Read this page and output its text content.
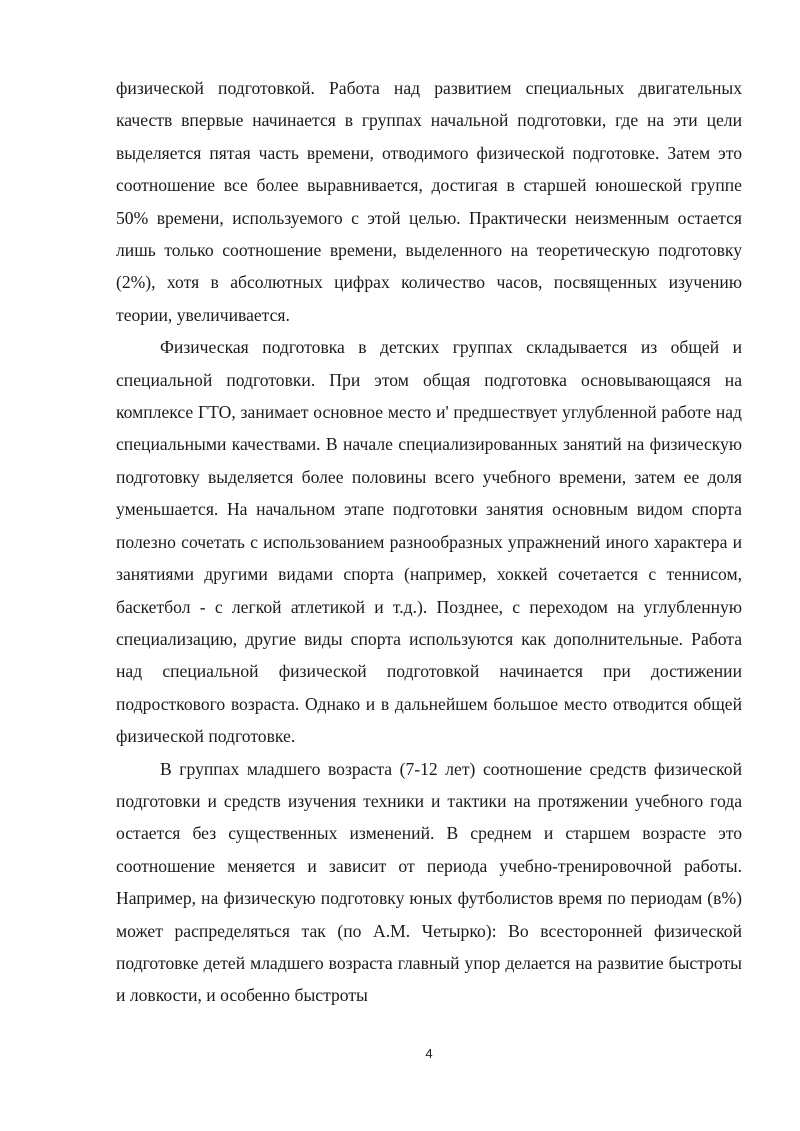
физической подготовкой. Работа над развитием специальных двигательных качеств впервые начинается в группах начальной подготовки, где на эти цели выделяется пятая часть времени, отводимого физической подготовке. Затем это соотношение все более выравнивается, достигая в старшей юношеской группе 50% времени, используемого с этой целью. Практически неизменным остается лишь только соотношение времени, выделенного на теоретическую подготовку (2%), хотя в абсолютных цифрах количество часов, посвященных изучению теории, увеличивается.

Физическая подготовка в детских группах складывается из общей и специальной подготовки. При этом общая подготовка основывающаяся на комплексе ГТО, занимает основное место и' предшествует углубленной работе над специальными качествами. В начале специализированных занятий на физическую подготовку выделяется более половины всего учебного времени, затем ее доля уменьшается. На начальном этапе подготовки занятия основным видом спорта полезно сочетать с использованием разнообразных упражнений иного характера и занятиями другими видами спорта (например, хоккей сочетается с теннисом, баскетбол - с легкой атлетикой и т.д.). Позднее, с переходом на углубленную специализацию, другие виды спорта используются как дополнительные. Работа над специальной физической подготовкой начинается при достижении подросткового возраста. Однако и в дальнейшем большое место отводится общей физической подготовке.

В группах младшего возраста (7-12 лет) соотношение средств физической подготовки и средств изучения техники и тактики на протяжении учебного года остается без существенных изменений. В среднем и старшем возрасте это соотношение меняется и зависит от периода учебно-тренировочной работы. Например, на физическую подготовку юных футболистов время по периодам (в%) может распределяться так (по А.М. Четырко): Во всесторонней физической подготовке детей младшего возраста главный упор делается на развитие быстроты и ловкости, и особенно быстроты

4
